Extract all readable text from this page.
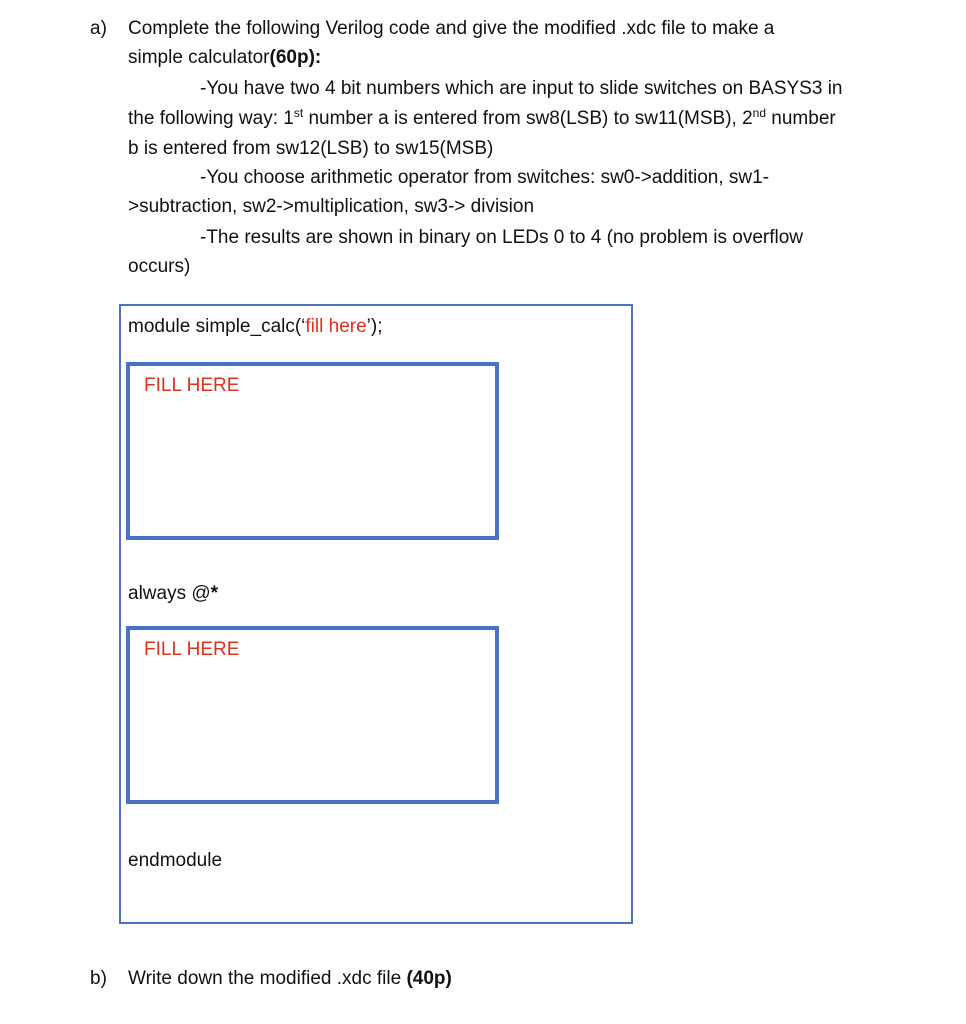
a) Complete the following Verilog code and give the modified .xdc file to make a
simple calculator(60p):
-You have two 4 bit numbers which are input to slide switches on BASYS3 in
the following way: 1st number a is entered from sw8(LSB) to sw11(MSB), 2nd number
b is entered from sw12(LSB) to sw15(MSB)
-You choose arithmetic operator from switches: sw0->addition, sw1-
>subtraction, sw2->multiplication, sw3-> division
-The results are shown in binary on LEDs 0 to 4 (no problem is overflow
occurs)
module simple_calc(‘fill here’);
FILL HERE
always @*
FILL HERE
endmodule
b) Write down the modified .xdc file (40p)
